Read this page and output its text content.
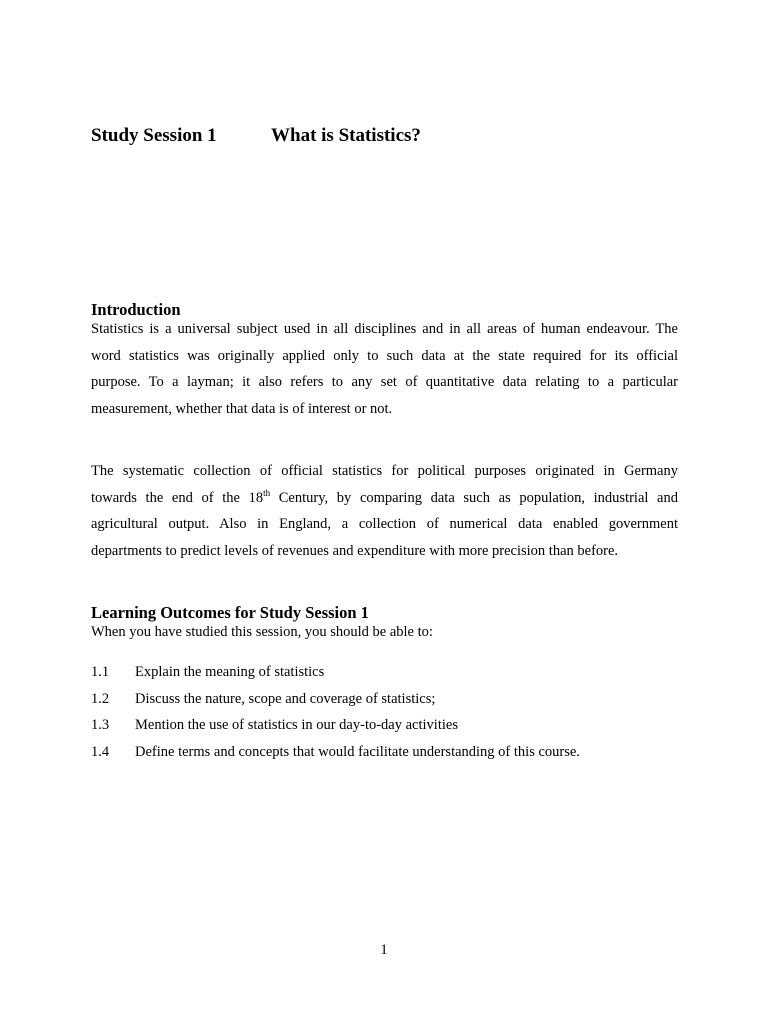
Study Session 1	What is Statistics?
Introduction
Statistics is a universal subject used in all disciplines and in all areas of human endeavour. The
word statistics was originally applied only to such data at the state required for its official
purpose. To a layman; it also refers to any set of quantitative data relating to a particular
measurement, whether that data is of interest or not.
The systematic collection of official statistics for political purposes originated in Germany
towards the end of the 18th Century, by comparing data such as population, industrial and
agricultural output. Also in England, a collection of numerical data enabled government
departments to predict levels of revenues and expenditure with more precision than before.
Learning Outcomes for Study Session 1
When you have studied this session, you should be able to:
1.1 Explain the meaning of statistics
1.2 Discuss the nature, scope and coverage of statistics;
1.3 Mention the use of statistics in our day-to-day activities
1.4 Define terms and concepts that would facilitate understanding of this course.
1
